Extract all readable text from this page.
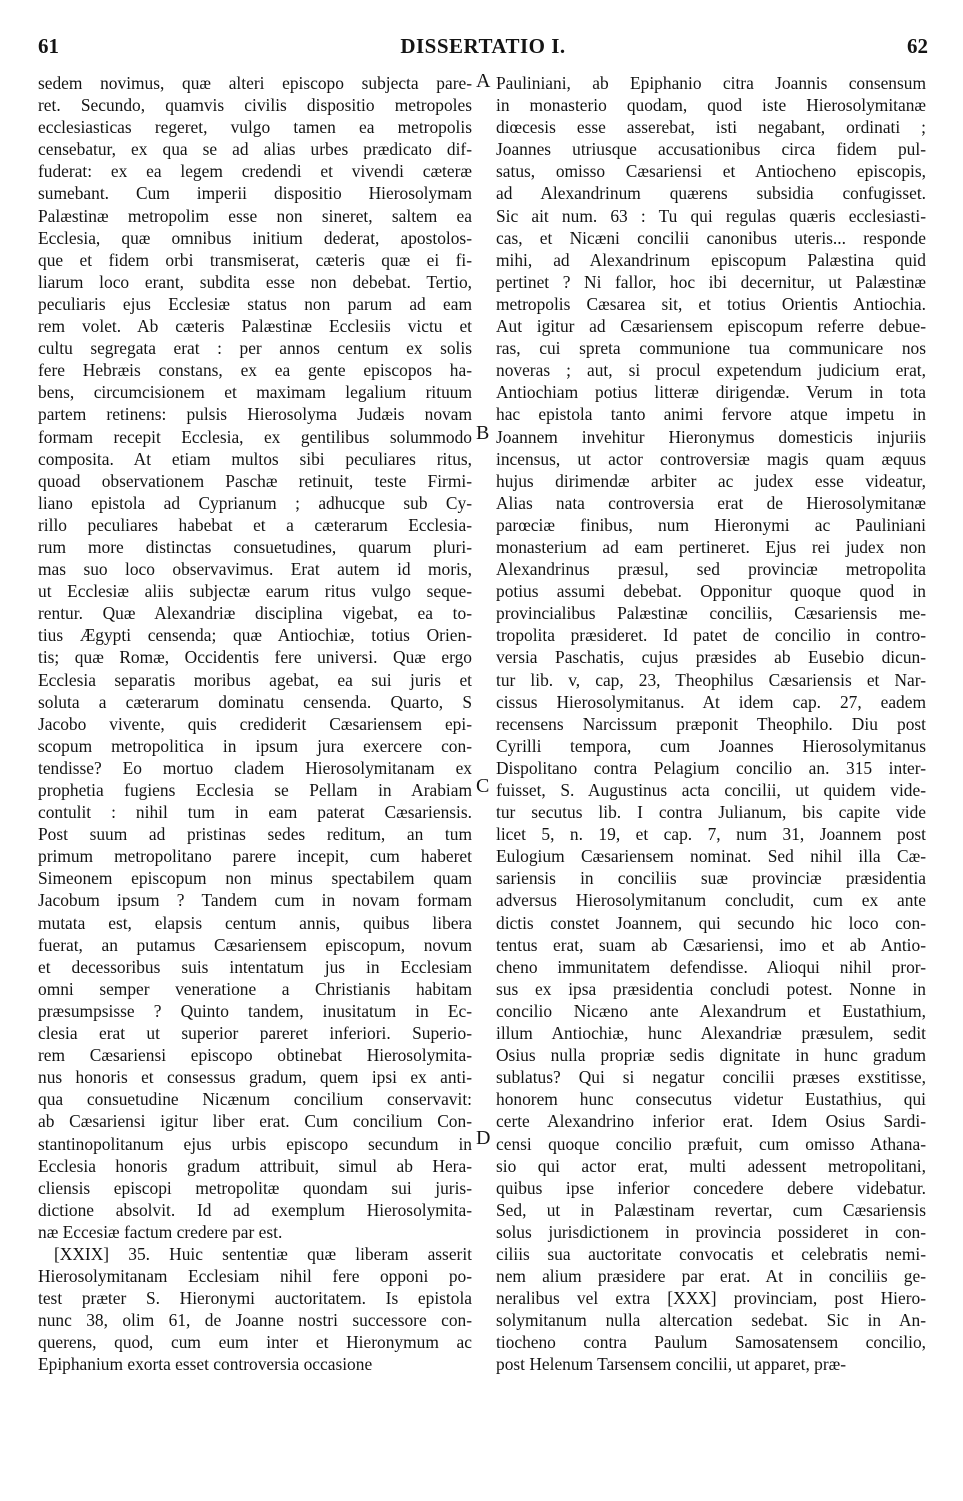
61	DISSERTATIO I.	62
A
B
C
D
sedem novimus, quæ alteri episcopo subjecta pare-
ret. Secundo, quamvis civilis dispositio metropoles
ecclesiasticas regeret, vulgo tamen ea metropolis
censebatur, ex qua se ad alias urbes prædicato dif-
fuderat: ex ea legem credendi et vivendi cæteræ
sumebant. Cum imperii dispositio Hierosolymam
Palæstinæ metropolim esse non sineret, saltem ea
Ecclesia, quæ omnibus initium dederat, apostolos-
que et fidem orbi transmiserat, cæteris quæ ei fi-
liarum loco erant, subdita esse non debebat. Tertio,
peculiaris ejus Ecclesiæ status non parum ad eam
rem volet. Ab cæteris Palæstinæ Ecclesiis victu et
cultu segregata erat : per annos centum ex solis
fere Hebræis constans, ex ea gente episcopos ha-
bens, circumcisionem et maximam legalium rituum
partem retinens: pulsis Hierosolyma Judæis novam
formam recepit Ecclesia, ex gentilibus solummodo
composita. At etiam multos sibi peculiares ritus,
quoad observationem Paschæ retinuit, teste Firmi-
liano epistola ad Cyprianum ; adhucque sub Cy-
rillo peculiares habebat et a cæterarum Ecclesia-
rum more distinctas consuetudines, quarum pluri-
mas suo loco observavimus. Erat autem id moris,
ut Ecclesiæ aliis subjectæ earum ritus vulgo seque-
rentur. Quæ Alexandriæ disciplina vigebat, ea to-
tius Ægypti censenda; quæ Antiochiæ, totius Orien-
tis; quæ Romæ, Occidentis fere universi. Quæ ergo
Ecclesia separatis moribus agebat, ea sui juris et
soluta a cæterarum dominatu censenda. Quarto, S
Jacobo vivente, quis crediderit Cæsariensem epi-
scopum metropolitica in ipsum jura exercere con-
tendisse? Eo mortuo cladem Hierosolymitanam ex
prophetia fugiens Ecclesia se Pellam in Arabiam
contulit : nihil tum in eam paterat Cæsariensis.
Post suum ad pristinas sedes reditum, an tum
primum metropolitano parere incepit, cum haberet
Simeonem episcopum non minus spectabilem quam
Jacobum ipsum ? Tandem cum in novam formam
mutata est, elapsis centum annis, quibus libera
fuerat, an putamus Cæsariensem episcopum, novum
et decessoribus suis intentatum jus in Ecclesiam
omni semper veneratione a Christianis habitam
præsumpsisse ? Quinto tandem, inusitatum in Ec-
clesia erat ut superior pareret inferiori. Superio-
rem Cæsariensi episcopo obtinebat Hierosolymita-
nus honoris et consessus gradum, quem ipsi ex anti-
qua consuetudine Nicænum concilium conservavit:
ab Cæsariensi igitur liber erat. Cum concilium Con-
stantinopolitanum ejus urbis episcopo secundum in
Ecclesia honoris gradum attribuit, simul ab Hera-
cliensis episcopi metropolitæ quondam sui juris-
dictione absolvit. Id ad exemplum Hierosolymita-
næ Eccesiæ factum credere par est.
[XXIX] 35. Huic sententiæ quæ liberam asserit
Hierosolymitanam Ecclesiam nihil fere opponi po-
test præter S. Hieronymi auctoritatem. Is epistola
nunc 38, olim 61, de Joanne nostri successore con-
querens, quod, cum eum inter et Hieronymum ac
Epiphanium exorta esset controversia occasione
Pauliniani, ab Epiphanio citra Joannis consensum
in monasterio quodam, quod iste Hierosolymitanæ
diœcesis esse asserebat, isti negabant, ordinati ;
Joannes utriusque accusationibus circa fidem pul-
satus, omisso Cæsariensi et Antiocheno episcopis,
ad Alexandrinum quærens subsidia confugisset.
Sic ait num. 63 : Tu qui regulas quæris ecclesiasti-
cas, et Nicæni concilii canonibus uteris... responde
mihi, ad Alexandrinum episcopum Palæstina quid
pertinet ? Ni fallor, hoc ibi decernitur, ut Palæstinæ
metropolis Cæsarea sit, et totius Orientis Antiochia.
Aut igitur ad Cæsariensem episcopum referre debue-
ras, cui spreta communione tua communicare nos
noveras ; aut, si procul expetendum judicium erat,
Antiochiam potius litteræ dirigendæ. Verum in tota
hac epistola tanto animi fervore atque impetu in
Joannem invehitur Hieronymus domesticis injuriis
incensus, ut actor controversiæ magis quam æquus
hujus dirimendæ arbiter ac judex esse videatur,
Alias nata controversia erat de Hierosolymitanæ
parœciæ finibus, num Hieronymi ac Pauliniani
monasterium ad eam pertineret. Ejus rei judex non
Alexandrinus præsul, sed provinciæ metropolita
potius assumi debebat. Opponitur quoque quod in
provincialibus Palæstinæ conciliis, Cæsariensis me-
tropolita præsideret. Id patet de concilio in contro-
versia Paschatis, cujus præsides ab Eusebio dicun-
tur lib. v, cap, 23, Theophilus Cæsariensis et Nar-
cissus Hierosolymitanus. At idem cap. 27, eadem
recensens Narcissum præponit Theophilo. Diu post
Cyrilli tempora, cum Joannes Hierosolymitanus
Dispolitano contra Pelagium concilio an. 315 inter-
fuisset, S. Augustinus acta concilii, ut quidem vide-
tur secutus lib. I contra Julianum, bis capite vide
licet 5, n. 19, et cap. 7, num 31, Joannem post
Eulogium Cæsariensem nominat. Sed nihil illa Cæ-
sariensis in conciliis suæ provinciæ præsidentia
adversus Hierosolymitanum concludit, cum ex ante
dictis constet Joannem, qui secundo hic loco con-
tentus erat, suam ab Cæsariensi, imo et ab Antio-
cheno immunitatem defendisse. Alioqui nihil pror-
sus ex ipsa præsidentia concludi potest. Nonne in
concilio Nicæno ante Alexandrum et Eustathium,
illum Antiochiæ, hunc Alexandriæ præsulem, sedit
Osius nulla propriæ sedis dignitate in hunc gradum
sublatus? Qui si negatur concilii præses exstitisse,
honorem hunc consecutus videtur Eustathius, qui
certe Alexandrino inferior erat. Idem Osius Sardi-
censi quoque concilio præfuit, cum omisso Athana-
sio qui actor erat, multi adessent metropolitani,
quibus ipse inferior concedere debere videbatur.
Sed, ut in Palæstinam revertar, cum Cæsariensis
solus jurisdictionem in provincia possideret in con-
ciliis sua auctoritate convocatis et celebratis nemi-
nem alium præsidere par erat. At in conciliis ge-
neralibus vel extra [XXX] provinciam, post Hiero-
solymitanum nulla altercation sedebat. Sic in An-
tiocheno contra Paulum Samosatensem concilio,
post Helenum Tarsensem concilii, ut apparet, præ-
